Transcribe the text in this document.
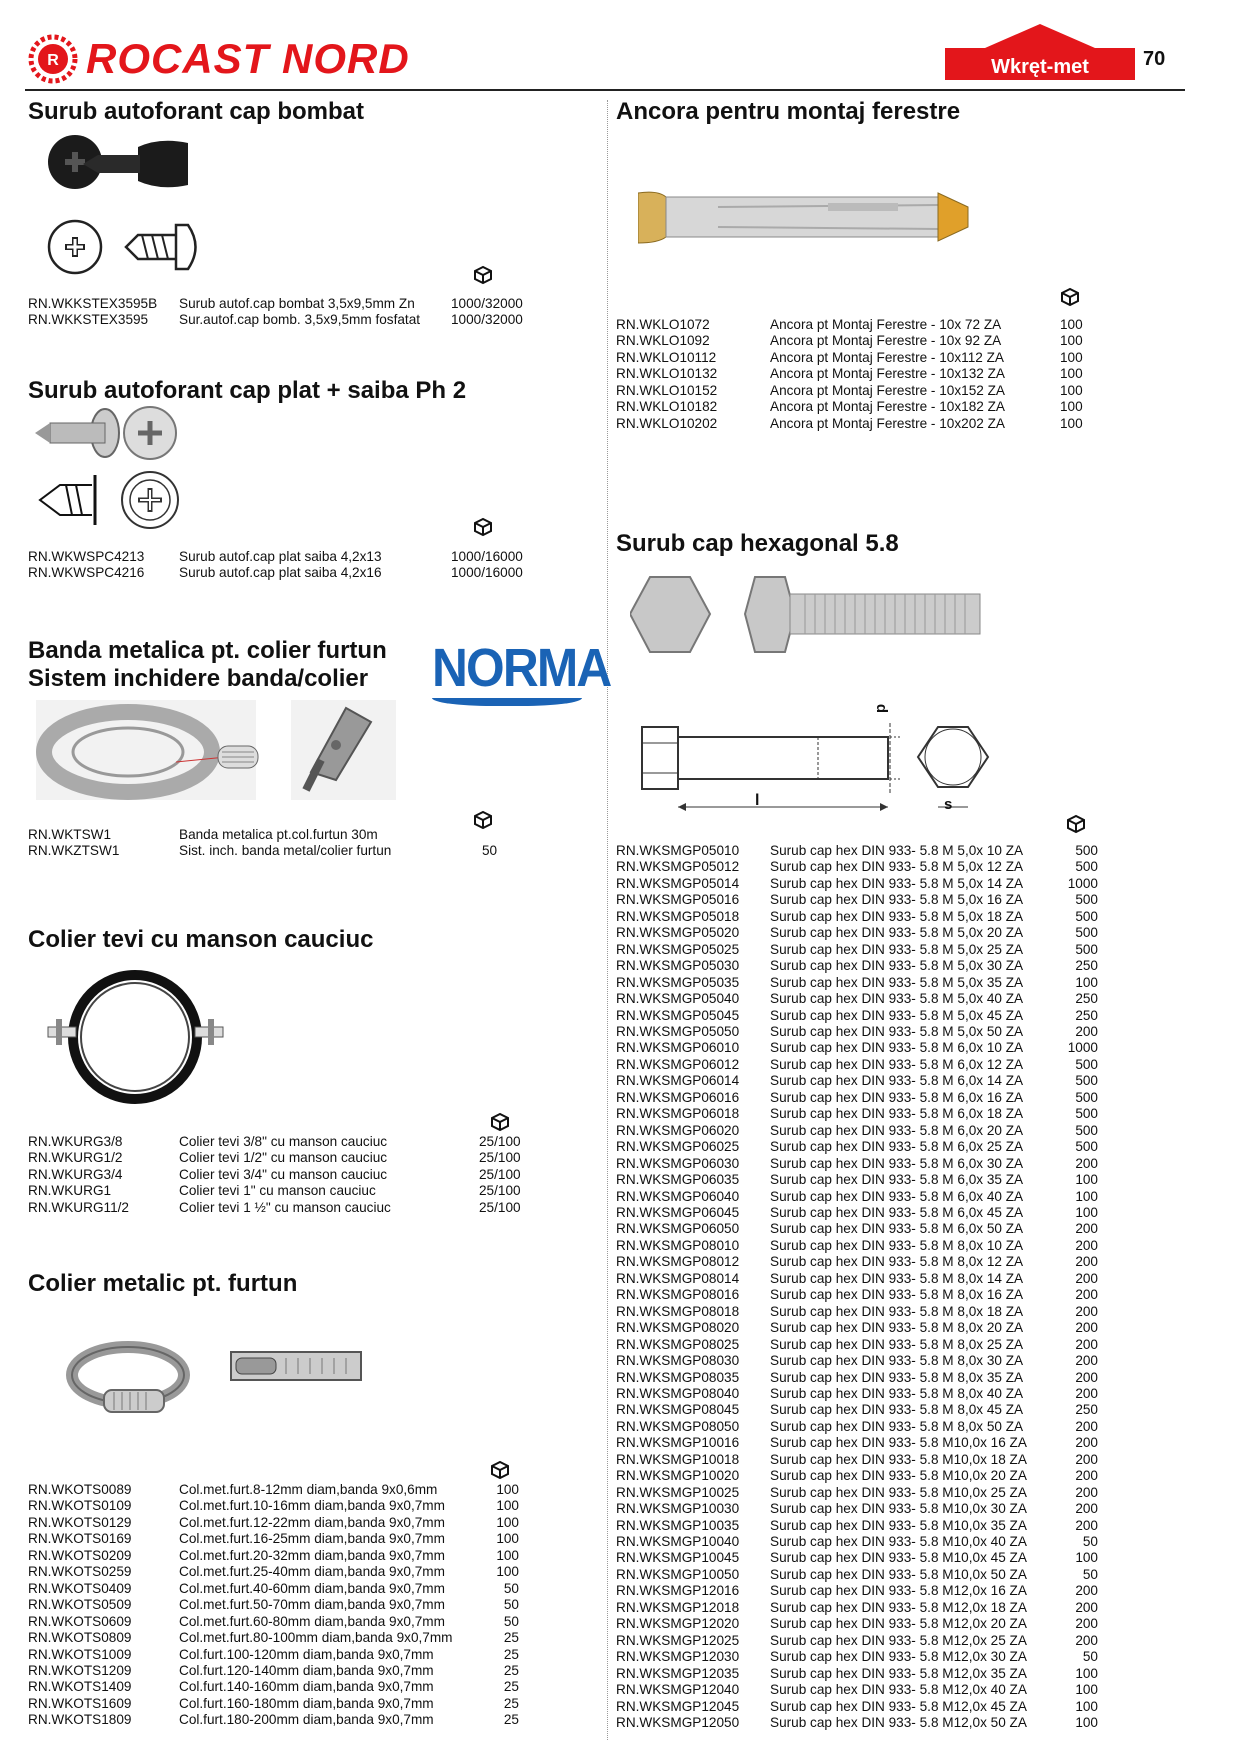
R ROCAST NORD	Wkręt-met	70
Surub autoforant cap bombat
RN.WKKSTEX3595B	Surub autof.cap bombat 3,5x9,5mm Zn	1000/32000
RN.WKKSTEX3595	Sur.autof.cap bomb. 3,5x9,5mm fosfatat	1000/32000
Surub autoforant cap plat + saiba Ph 2
RN.WKWSPC4213	Surub autof.cap plat saiba 4,2x13	1000/16000
RN.WKWSPC4216	Surub autof.cap plat saiba 4,2x16	1000/16000
Banda metalica pt. colier furtun
Sistem inchidere banda/colier NORMA
RN.WKTSW1	Banda metalica pt.col.furtun 30m	
RN.WKZTSW1	Sist. inch. banda metal/colier furtun	50
Colier tevi cu manson cauciuc
RN.WKURG3/8	Colier tevi 3/8" cu manson cauciuc	25/100
RN.WKURG1/2	Colier tevi 1/2" cu manson cauciuc	25/100
RN.WKURG3/4	Colier tevi 3/4" cu manson cauciuc	25/100
RN.WKURG1	Colier tevi 1" cu manson cauciuc	25/100
RN.WKURG11/2	Colier tevi 1 ½" cu manson cauciuc	25/100
Colier metalic pt. furtun
RN.WKOTS0089	Col.met.furt.8-12mm diam,banda 9x0,6mm	100
RN.WKOTS0109	Col.met.furt.10-16mm diam,banda 9x0,7mm	100
RN.WKOTS0129	Col.met.furt.12-22mm diam,banda 9x0,7mm	100
RN.WKOTS0169	Col.met.furt.16-25mm diam,banda 9x0,7mm	100
RN.WKOTS0209	Col.met.furt.20-32mm diam,banda 9x0,7mm	100
RN.WKOTS0259	Col.met.furt.25-40mm diam,banda 9x0,7mm	100
RN.WKOTS0409	Col.met.furt.40-60mm diam,banda 9x0,7mm	50
RN.WKOTS0509	Col.met.furt.50-70mm diam,banda 9x0,7mm	50
RN.WKOTS0609	Col.met.furt.60-80mm diam,banda 9x0,7mm	50
RN.WKOTS0809	Col.met.furt.80-100mm diam,banda 9x0,7mm	25
RN.WKOTS1009	Col.furt.100-120mm diam,banda 9x0,7mm	25
RN.WKOTS1209	Col.furt.120-140mm diam,banda 9x0,7mm	25
RN.WKOTS1409	Col.furt.140-160mm diam,banda 9x0,7mm	25
RN.WKOTS1609	Col.furt.160-180mm diam,banda 9x0,7mm	25
RN.WKOTS1809	Col.furt.180-200mm diam,banda 9x0,7mm	25
Ancora pentru montaj ferestre
RN.WKLO1072	Ancora pt Montaj Ferestre - 10x 72 ZA	100
RN.WKLO1092	Ancora pt Montaj Ferestre - 10x 92 ZA	100
RN.WKLO10112	Ancora pt Montaj Ferestre - 10x112 ZA	100
RN.WKLO10132	Ancora pt Montaj Ferestre - 10x132 ZA	100
RN.WKLO10152	Ancora pt Montaj Ferestre - 10x152 ZA	100
RN.WKLO10182	Ancora pt Montaj Ferestre - 10x182 ZA	100
RN.WKLO10202	Ancora pt Montaj Ferestre - 10x202 ZA	100
Surub cap hexagonal 5.8
d
l	s
RN.WKSMGP05010	Surub cap hex DIN 933- 5.8 M 5,0x 10 ZA	500
RN.WKSMGP05012	Surub cap hex DIN 933- 5.8 M 5,0x 12 ZA	500
RN.WKSMGP05014	Surub cap hex DIN 933- 5.8 M 5,0x 14 ZA	1000
RN.WKSMGP05016	Surub cap hex DIN 933- 5.8 M 5,0x 16 ZA	500
RN.WKSMGP05018	Surub cap hex DIN 933- 5.8 M 5,0x 18 ZA	500
RN.WKSMGP05020	Surub cap hex DIN 933- 5.8 M 5,0x 20 ZA	500
RN.WKSMGP05025	Surub cap hex DIN 933- 5.8 M 5,0x 25 ZA	500
RN.WKSMGP05030	Surub cap hex DIN 933- 5.8 M 5,0x 30 ZA	250
RN.WKSMGP05035	Surub cap hex DIN 933- 5.8 M 5,0x 35 ZA	100
RN.WKSMGP05040	Surub cap hex DIN 933- 5.8 M 5,0x 40 ZA	250
RN.WKSMGP05045	Surub cap hex DIN 933- 5.8 M 5,0x 45 ZA	250
RN.WKSMGP05050	Surub cap hex DIN 933- 5.8 M 5,0x 50 ZA	200
RN.WKSMGP06010	Surub cap hex DIN 933- 5.8 M 6,0x 10 ZA	1000
RN.WKSMGP06012	Surub cap hex DIN 933- 5.8 M 6,0x 12 ZA	500
RN.WKSMGP06014	Surub cap hex DIN 933- 5.8 M 6,0x 14 ZA	500
RN.WKSMGP06016	Surub cap hex DIN 933- 5.8 M 6,0x 16 ZA	500
RN.WKSMGP06018	Surub cap hex DIN 933- 5.8 M 6,0x 18 ZA	500
RN.WKSMGP06020	Surub cap hex DIN 933- 5.8 M 6,0x 20 ZA	500
RN.WKSMGP06025	Surub cap hex DIN 933- 5.8 M 6,0x 25 ZA	500
RN.WKSMGP06030	Surub cap hex DIN 933- 5.8 M 6,0x 30 ZA	200
RN.WKSMGP06035	Surub cap hex DIN 933- 5.8 M 6,0x 35 ZA	100
RN.WKSMGP06040	Surub cap hex DIN 933- 5.8 M 6,0x 40 ZA	100
RN.WKSMGP06045	Surub cap hex DIN 933- 5.8 M 6,0x 45 ZA	100
RN.WKSMGP06050	Surub cap hex DIN 933- 5.8 M 6,0x 50 ZA	200
RN.WKSMGP08010	Surub cap hex DIN 933- 5.8 M 8,0x 10 ZA	200
RN.WKSMGP08012	Surub cap hex DIN 933- 5.8 M 8,0x 12 ZA	200
RN.WKSMGP08014	Surub cap hex DIN 933- 5.8 M 8,0x 14 ZA	200
RN.WKSMGP08016	Surub cap hex DIN 933- 5.8 M 8,0x 16 ZA	200
RN.WKSMGP08018	Surub cap hex DIN 933- 5.8 M 8,0x 18 ZA	200
RN.WKSMGP08020	Surub cap hex DIN 933- 5.8 M 8,0x 20 ZA	200
RN.WKSMGP08025	Surub cap hex DIN 933- 5.8 M 8,0x 25 ZA	200
RN.WKSMGP08030	Surub cap hex DIN 933- 5.8 M 8,0x 30 ZA	200
RN.WKSMGP08035	Surub cap hex DIN 933- 5.8 M 8,0x 35 ZA	200
RN.WKSMGP08040	Surub cap hex DIN 933- 5.8 M 8,0x 40 ZA	200
RN.WKSMGP08045	Surub cap hex DIN 933- 5.8 M 8,0x 45 ZA	250
RN.WKSMGP08050	Surub cap hex DIN 933- 5.8 M 8,0x 50 ZA	200
RN.WKSMGP10016	Surub cap hex DIN 933- 5.8 M10,0x 16 ZA	200
RN.WKSMGP10018	Surub cap hex DIN 933- 5.8 M10,0x 18 ZA	200
RN.WKSMGP10020	Surub cap hex DIN 933- 5.8 M10,0x 20 ZA	200
RN.WKSMGP10025	Surub cap hex DIN 933- 5.8 M10,0x 25 ZA	200
RN.WKSMGP10030	Surub cap hex DIN 933- 5.8 M10,0x 30 ZA	200
RN.WKSMGP10035	Surub cap hex DIN 933- 5.8 M10,0x 35 ZA	200
RN.WKSMGP10040	Surub cap hex DIN 933- 5.8 M10,0x 40 ZA	50
RN.WKSMGP10045	Surub cap hex DIN 933- 5.8 M10,0x 45 ZA	100
RN.WKSMGP10050	Surub cap hex DIN 933- 5.8 M10,0x 50 ZA	50
RN.WKSMGP12016	Surub cap hex DIN 933- 5.8 M12,0x 16 ZA	200
RN.WKSMGP12018	Surub cap hex DIN 933- 5.8 M12,0x 18 ZA	200
RN.WKSMGP12020	Surub cap hex DIN 933- 5.8 M12,0x 20 ZA	200
RN.WKSMGP12025	Surub cap hex DIN 933- 5.8 M12,0x 25 ZA	200
RN.WKSMGP12030	Surub cap hex DIN 933- 5.8 M12,0x 30 ZA	50
RN.WKSMGP12035	Surub cap hex DIN 933- 5.8 M12,0x 35 ZA	100
RN.WKSMGP12040	Surub cap hex DIN 933- 5.8 M12,0x 40 ZA	100
RN.WKSMGP12045	Surub cap hex DIN 933- 5.8 M12,0x 45 ZA	100
RN.WKSMGP12050	Surub cap hex DIN 933- 5.8 M12,0x 50 ZA	100
